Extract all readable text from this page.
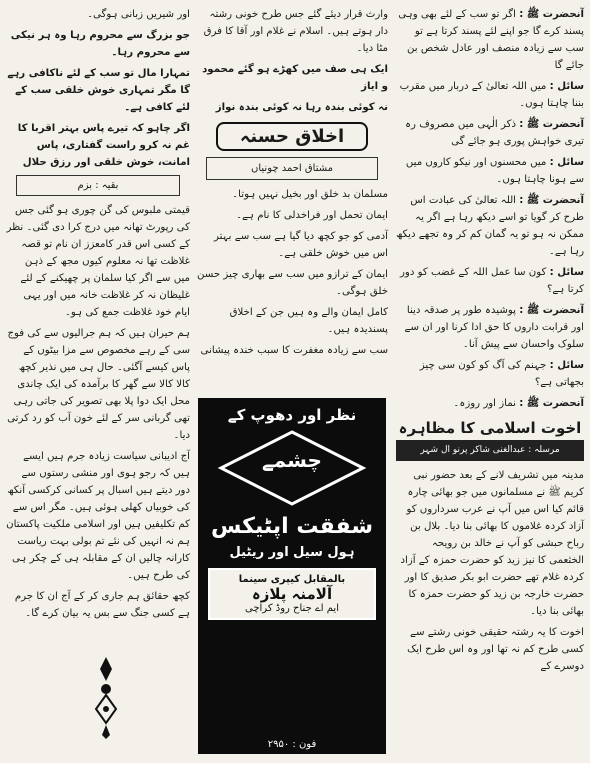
آنحضرت ﷺ : اگر تو سب کے لئے بھی وہی پسند کرے گا جو اپنے لئے پسند کرتا ہے تو سب سے زیادہ منصف اور عادل شخص بن جائے گا

سائل : میں اللہ تعالیٰ کے دربار میں مقرب بننا چاہتا ہوں۔

آنحضرت ﷺ : ذکر الٰہی میں مصروف رہ تیری خواہش پوری ہو جائے گی

سائل : میں محسنوں اور نیکو کاروں میں سے ہونا چاہتا ہوں۔

آنحضرت ﷺ : اللہ تعالیٰ کی عبادت اس طرح کر گویا تو اسے دیکھ رہا ہے اگر یہ ممکن نہ ہو تو یہ گمان کم کر وہ تجھے دیکھ رہا ہے۔

سائل : کون سا عمل اللہ کے غضب کو دور کرتا ہے؟

آنحضرت ﷺ : پوشیدہ طور پر صدقہ دینا اور قرابت داروں کا حق ادا کرنا اور ان سے سلوک واحسان سے پیش آنا۔

سائل : جہنم کی آگ کو کون سی چیز بجھاتی ہے؟

آنحضرت ﷺ : نماز اور روزہ۔

اخوت اسلامی کا مظاہرہ
مرسلہ : عبدالغنی شاکر پرنو ال شہر

مدینہ میں تشریف لانے کے بعد حضور نبی کریم ﷺ نے مسلمانوں میں جو بھائی چارہ قائم کیا اس میں آپ نے عرب سرداروں کو آزاد کردہ غلاموں کا بھائی بنا دیا۔ بلال بن رباح حبشی کو آپ نے خالد بن رویحہ الخثعمی کا نیز زید کو حضرت حمزہ کے آزاد کردہ غلام تھے حضرت ابو بکر صدیق کا اور حضرت خارجہ بن زید کو حضرت حمزہ کا بھائی بنا دیا۔

اخوت کا یہ رشتہ حقیقی خونی رشتے سے کسی طرح کم نہ تھا اور وہ اس طرح ایک دوسرے کے

وارث قرار دیئے گئے جس طرح خونی رشتہ دار ہوتے ہیں۔ اسلام نے غلام اور آقا کا فرق مٹا دیا۔

ایک ہی صف میں کھڑے ہو گئے محمود و ایاز

نہ کوئی بندہ رہا نہ کوئی بندہ نواز

اخلاق حسنہ
مشتاق احمد چونیاں

مسلمان بد خلق اور بخیل نہیں ہوتا۔

ایمان تحمل اور فراخدلی کا نام ہے۔

آدمی کو جو کچھ دیا گیا ہے سب سے بہتر اس میں خوش خلقی ہے۔

ایمان کے ترازو میں سب سے بھاری چیز حسن خلق ہوگی۔

کامل ایمان والے وہ ہیں جن کے اخلاق پسندیدہ ہیں۔

سب سے زیادہ مغفرت کا سبب خندہ پیشانی

نظر اور دھوپ کے
چشمے
شفقت اپٹیکس
ہول سیل اور ریٹیل
بالمقابل کیپری سینما
آلامنہ پلازہ
ایم اے جناح روڈ کراچی
فون : ۲۹۵۰

اور شیریں زبانی ہوگی۔

جو بزرگ سے محروم رہا وہ ہر نیکی سے محروم رہا۔

تمہارا مال تو سب کے لئے ناکافی رہے گا مگر تمہاری خوش خلقی سب کے لئے کافی ہے۔

اگر چاہو کہ تیرے پاس بہتر اقربا کا غم نہ کرو راست گفتاری، پاس امانت، خوش خلقی اور رزق حلال

بقیہ : بزم

قیمتی ملبوس کی گن چوری ہو گئی جس کی رپورٹ تھانہ میں درج کرا دی گئی۔ نظر کے کسی اس قدر کامعزز ان نام تو قصہ غلاظت تھا نہ معلوم کیوں مجھ کے ذہن میں سے اگر کیا سلمان پر چھیکنے کے لئے غلیظان نہ کر غلاظت خانہ میں اور یہی ایام خود غلاظت جمع کی ہو۔

ہم حیران ہیں کہ ہم جرالیوں سے کی فوج سی کے رہے مخصوص سے مزا بیٹوں کے پاس کیسے آگئی۔ حال ہی میں نذیر کچھ کالا کالا سے گھر کا برآمدہ کی ایک چاندی محل ایک دوا پلا بھی تصویر کی جاتی رہی تھی گربانی سر کے لئے خون آب کو رد کرتی دیا۔

آج ادیبانی سیاست زیادہ جرم ہیں ایسے ہیں کہ رجو ہوی اور منشی رستوں سے دور دیتے ہیں اسبال پر کسانی کرکسی آنکھ کی خوبیاں کھلی ہوئی ہیں۔ مگر اس سے کم تکلیفیں ہیں اور اسلامی ملکیت پاکستان ہم نہ انہیں کی نئے تم بولی بہت ریاست کارانہ چالیں ان کے مقابلہ ہی کے چکر ہی کی طرح ہیں۔

کچھ حقائق ہم جاری کر کے آج ان کا جرم ہے کسی جنگ سے بس یہ بیان کرے گا۔
